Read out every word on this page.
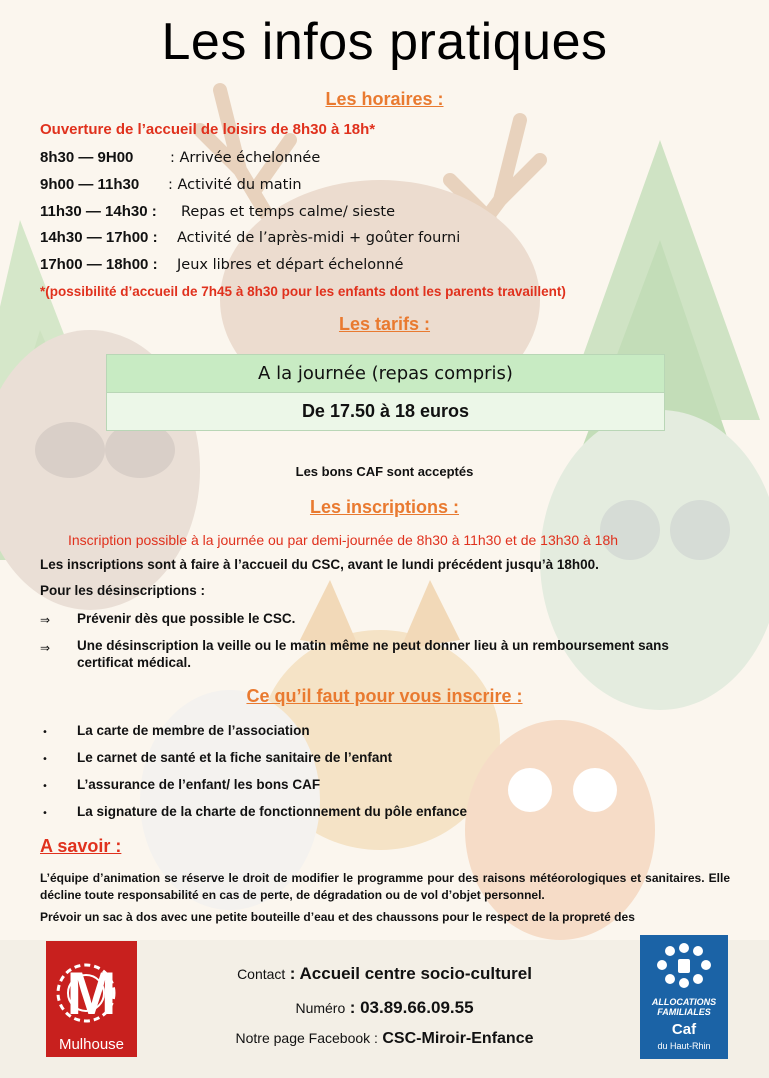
Les infos pratiques
Les horaires :
Ouverture de l’accueil de loisirs de 8h30 à 18h*
8h30 — 9H00	: Arrivée échelonnée
9h00 — 11h30 : Activité du matin
11h30 — 14h30 : Repas et temps calme/ sieste
14h30 — 17h00 : Activité de l’après-midi + goûter fourni
17h00 — 18h00 : Jeux libres et départ échelonné
*(possibilité d’accueil de 7h45 à 8h30 pour les enfants dont les parents travaillent)
Les tarifs :
A la journée (repas compris)
De 17.50 à 18 euros
Les bons CAF sont acceptés
Les inscriptions :
Inscription possible à la journée ou par demi-journée de 8h30 à 11h30 et de 13h30 à 18h
Les inscriptions sont à faire à l’accueil du CSC, avant le lundi précédent jusqu’à 18h00.
Pour les désinscriptions :
⇒ Prévenir dès que possible le CSC.
⇒ Une désinscription la veille ou le matin même ne peut donner lieu à un remboursement sans certificat médical.
Ce qu’il faut pour vous inscrire :
• La carte de membre de l’association
• Le carnet de santé et la fiche sanitaire de l’enfant
• L’assurance de l’enfant/ les bons CAF
• La signature de la charte de fonctionnement du pôle enfance
A savoir :
L’équipe d’animation se réserve le droit de modifier le programme pour des raisons météorologiques et sanitaires. Elle décline toute responsabilité en cas de perte, de dégradation ou de vol d’objet personnel.
Prévoir un sac à dos avec une petite bouteille d’eau et des chaussons pour le respect de la propreté des
M
Mulhouse
Contact : Accueil centre socio-culturel
Numéro : 03.89.66.09.55
Notre page Facebook : CSC-Miroir-Enfance
ALLOCATIONS
FAMILIALES
Caf
du Haut-Rhin
